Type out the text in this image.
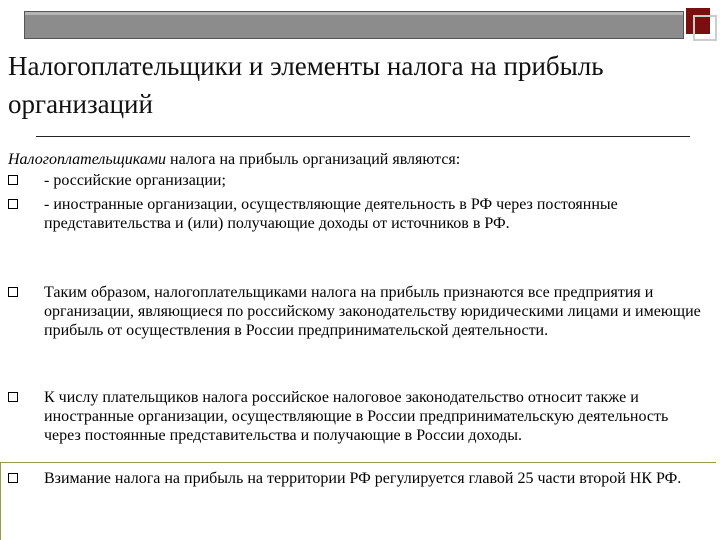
Налогоплательщики и элементы налога на прибыль организаций
Налогоплательщиками налога на прибыль организаций являются:
- российские организации;
- иностранные организации, осуществляющие деятельность в РФ через постоянные представительства и (или) получающие доходы от источников в РФ.
Таким образом, налогоплательщиками налога на прибыль признаются все предприятия и организации, являющиеся по российскому законодательству юридическими лицами и имеющие прибыль от осуществления в России предпринимательской деятельности.
К числу плательщиков налога российское налоговое законодательство относит также и иностранные организации, осуществляющие в России предпринимательскую деятельность через постоянные представительства и получающие в России доходы.
Взимание налога на прибыль на территории РФ регулируется главой 25 части второй НК РФ.
